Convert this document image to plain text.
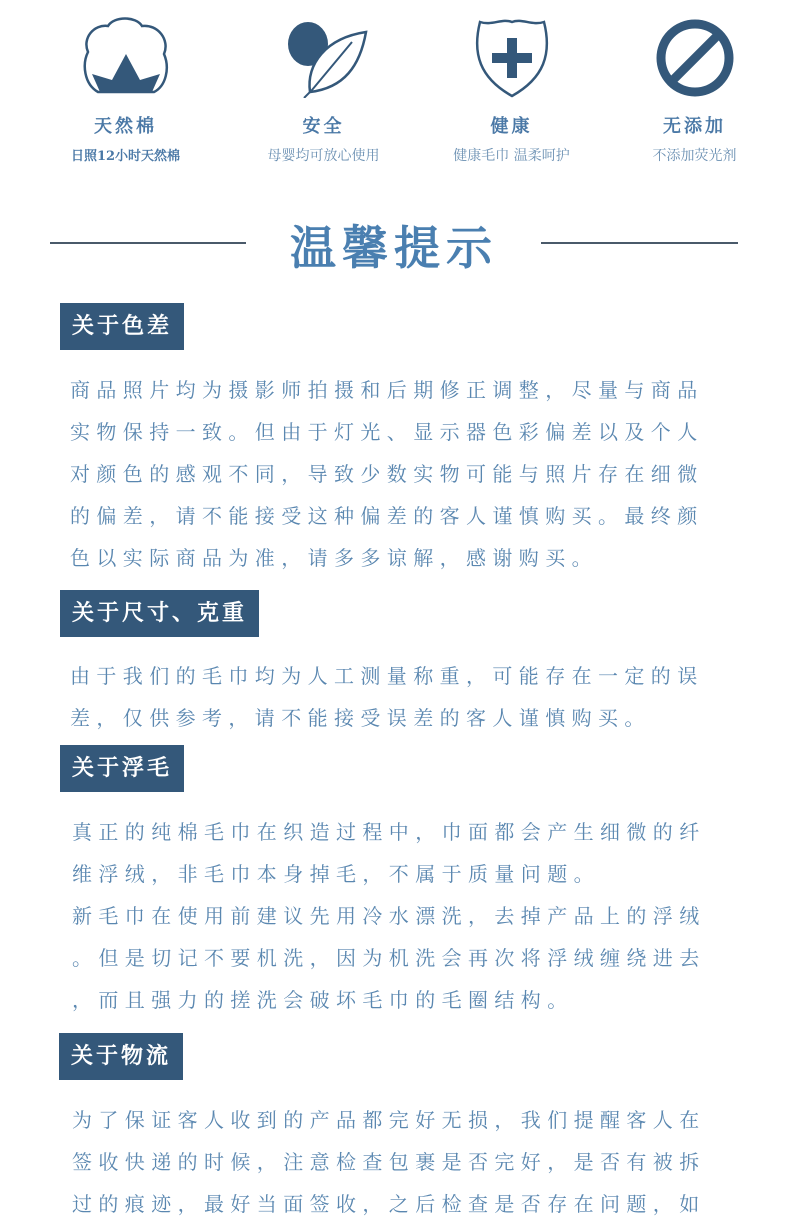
天然棉
日照12小时天然棉
安全
母婴均可放心使用
健康
健康毛巾 温柔呵护
无添加
不添加荧光剂
温馨提示
关于色差
商品照片均为摄影师拍摄和后期修正调整，尽量与商品
实物保持一致。但由于灯光、显示器色彩偏差以及个人
对颜色的感观不同，导致少数实物可能与照片存在细微
的偏差，请不能接受这种偏差的客人谨慎购买。最终颜
色以实际商品为准，请多多谅解，感谢购买。
关于尺寸、克重
由于我们的毛巾均为人工测量称重，可能存在一定的误
差，仅供参考，请不能接受误差的客人谨慎购买。
关于浮毛
真正的纯棉毛巾在织造过程中，巾面都会产生细微的纤
维浮绒，非毛巾本身掉毛，不属于质量问题。
新毛巾在使用前建议先用冷水漂洗，去掉产品上的浮绒
。但是切记不要机洗，因为机洗会再次将浮绒缠绕进去
，而且强力的搓洗会破坏毛巾的毛圈结构。
关于物流
为了保证客人收到的产品都完好无损，我们提醒客人在
签收快递的时候，注意检查包裹是否完好，是否有被拆
过的痕迹，最好当面签收，之后检查是否存在问题，如
